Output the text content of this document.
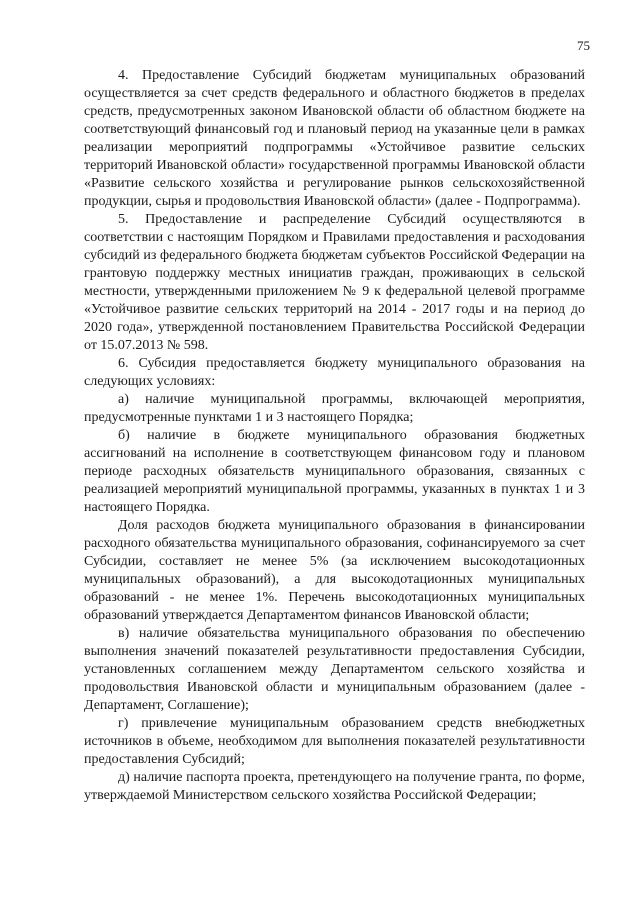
75

4. Предоставление Субсидий бюджетам муниципальных образований осуществляется за счет средств федерального и областного бюджетов в пределах средств, предусмотренных законом Ивановской области об областном бюджете на соответствующий финансовый год и плановый период на указанные цели в рамках реализации мероприятий подпрограммы «Устойчивое развитие сельских территорий Ивановской области» государственной программы Ивановской области «Развитие сельского хозяйства и регулирование рынков сельскохозяйственной продукции, сырья и продовольствия Ивановской области» (далее - Подпрограмма).

5. Предоставление и распределение Субсидий осуществляются в соответствии с настоящим Порядком и Правилами предоставления и расходования субсидий из федерального бюджета бюджетам субъектов Российской Федерации на грантовую поддержку местных инициатив граждан, проживающих в сельской местности, утвержденными приложением № 9 к федеральной целевой программе «Устойчивое развитие сельских территорий на 2014 - 2017 годы и на период до 2020 года», утвержденной постановлением Правительства Российской Федерации от 15.07.2013 № 598.

6. Субсидия предоставляется бюджету муниципального образования на следующих условиях:

а) наличие муниципальной программы, включающей мероприятия, предусмотренные пунктами 1 и 3 настоящего Порядка;

б) наличие в бюджете муниципального образования бюджетных ассигнований на исполнение в соответствующем финансовом году и плановом периоде расходных обязательств муниципального образования, связанных с реализацией мероприятий муниципальной программы, указанных в пунктах 1 и 3 настоящего Порядка.

Доля расходов бюджета муниципального образования в финансировании расходного обязательства муниципального образования, софинансируемого за счет Субсидии, составляет не менее 5% (за исключением высокодотационных муниципальных образований), а для высокодотационных муниципальных образований - не менее 1%. Перечень высокодотационных муниципальных образований утверждается Департаментом финансов Ивановской области;

в) наличие обязательства муниципального образования по обеспечению выполнения значений показателей результативности предоставления Субсидии, установленных соглашением между Департаментом сельского хозяйства и продовольствия Ивановской области и муниципальным образованием (далее - Департамент, Соглашение);

г) привлечение муниципальным образованием средств внебюджетных источников в объеме, необходимом для выполнения показателей результативности предоставления Субсидий;

д) наличие паспорта проекта, претендующего на получение гранта, по форме, утверждаемой Министерством сельского хозяйства Российской Федерации;
